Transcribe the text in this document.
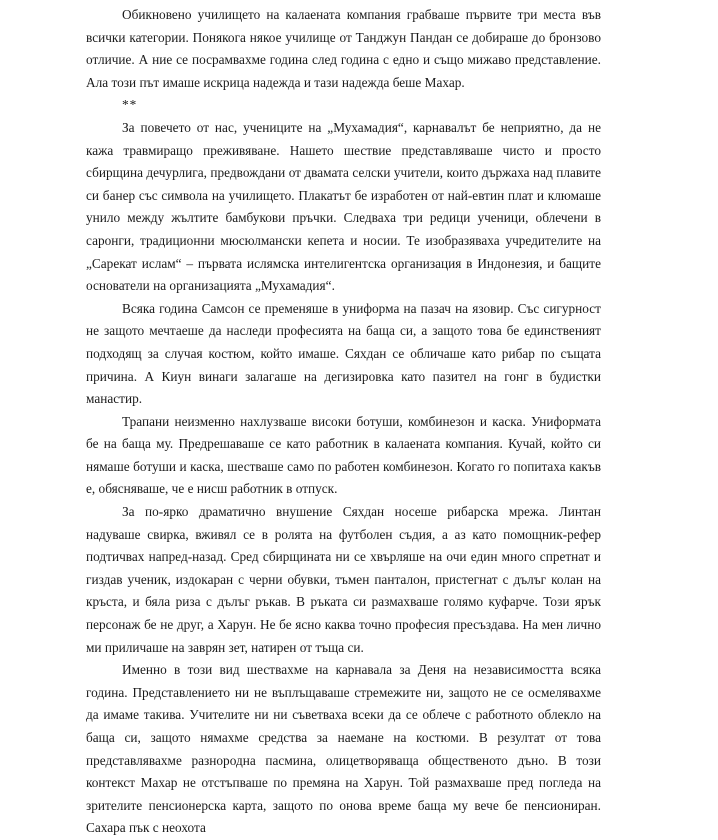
Обикновено училището на калаената компания грабваше първите три места във всички категории. Понякога някое училище от Танджун Пандан се добираше до бронзово отличие. А ние се посрамвахме година след година с едно и също мижаво представление. Ала този път имаше искрица надежда и тази надежда беше Махар.

**

За повечето от нас, учениците на „Мухамадия“, карнавалът бе неприятно, да не кажа травмиращо преживяване. Нашето шествие представляваше чисто и просто сбирщина дечурлига, предвождани от двамата селски учители, които държаха над плавите си банер със символа на училището. Плакатът бе изработен от най-евтин плат и клюмаше унило между жълтите бамбукови пръчки. Следваха три редици ученици, облечени в саронги, традиционни мюсюлмански кепета и носии. Те изобразяваха учредителите на „Сарекат ислам“ – първата ислямска интелигентска организация в Индонезия, и бащите основатели на организацията „Мухамадия“.

Всяка година Самсон се пременяше в униформа на пазач на язовир. Със сигурност не защото мечтаеше да наследи професията на баща си, а защото това бе единственият подходящ за случая костюм, който имаше. Сяхдан се обличаше като рибар по същата причина. А Киун винаги залагаше на дегизировка като пазител на гонг в будистки манастир.

Трапани неизменно нахлузваше високи ботуши, комбинезон и каска. Униформата бе на баща му. Предрешаваше се като работник в калаената компания. Кучай, който си нямаше ботуши и каска, шестваше само по работен комбинезон. Когато го попитаха какъв е, обясняваше, че е нисш работник в отпуск.

За по-ярко драматично внушение Сяхдан носеше рибарска мрежа. Линтан надуваше свирка, вживял се в ролята на футболен съдия, а аз като помощник-рефер подтичвах напред-назад. Сред сбирщината ни се хвърляше на очи един много спретнат и гиздав ученик, издокаран с черни обувки, тъмен панталон, пристегнат с дълъг колан на кръста, и бяла риза с дълъг ръкав. В ръката си размахваше голямо куфарче. Този ярък персонаж бе не друг, а Харун. Не бе ясно каква точно професия пресъздава. На мен лично ми приличаше на заврян зет, натирен от тъща си.

Именно в този вид шествахме на карнавала за Деня на независимостта всяка година. Представлението ни не въплъщаваше стремежите ни, защото не се осмелявахме да имаме такива. Учителите ни ни съветваха всеки да се облече с работното облекло на баща си, защото нямахме средства за наемане на костюми. В резултат от това представлявахме разнородна пасмина, олицетворяваща общественото дъно. В този контекст Махар не отстъпваше по премяна на Харун. Той размахваше пред погледа на зрителите пенсионерска карта, защото по онова време баща му вече бе пенсиониран. Сахара пък с неохота
